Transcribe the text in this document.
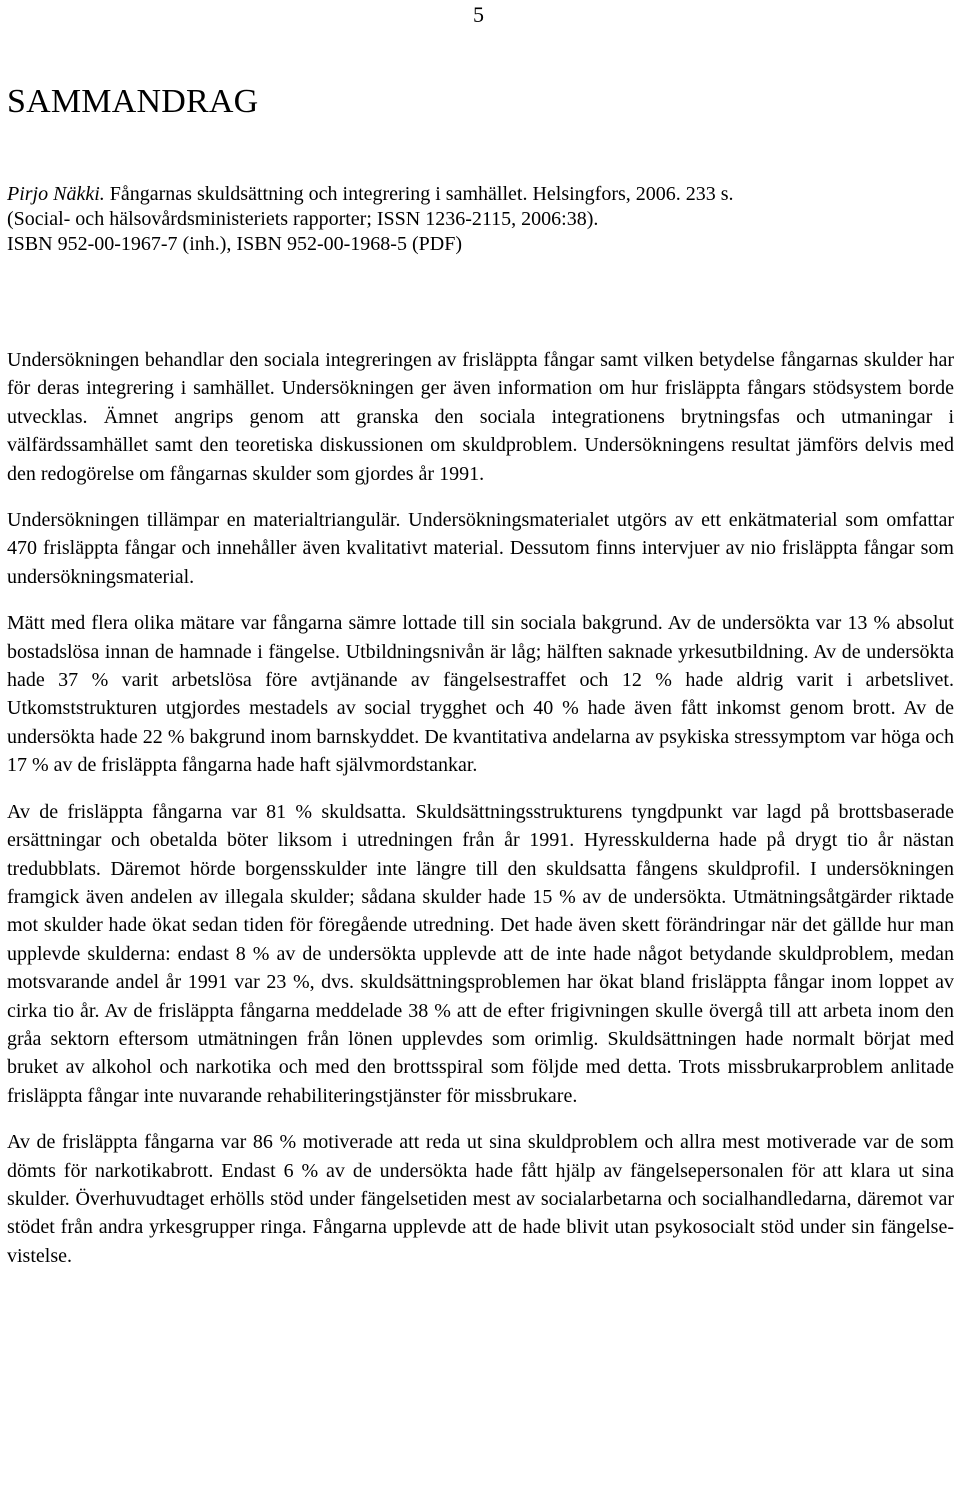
5
SAMMANDRAG
Pirjo Näkki. Fångarnas skuldsättning och integrering i samhället. Helsingfors, 2006. 233 s.
(Social- och hälsovårdsministeriets rapporter; ISSN 1236-2115, 2006:38).
ISBN 952-00-1967-7 (inh.), ISBN 952-00-1968-5 (PDF)

Undersökningen behandlar den sociala integreringen av frisläppta fångar samt vilken betydelse fångarnas skulder har för deras integrering i samhället. Undersökningen ger även information om hur frisläppta fångars stödsystem borde utvecklas. Ämnet angrips genom att granska den sociala integrationens brytningsfas och utmaningar i välfärdssamhället samt den teoretiska diskussionen om skuldproblem. Undersökningens resultat jämförs delvis med den redogörelse om fångarnas skulder som gjordes år 1991.

Undersökningen tillämpar en materialtriangulär. Undersökningsmaterialet utgörs av ett enkätmaterial som omfattar 470 frisläppta fångar och innehåller även kvalitativt material. Dessutom finns intervjuer av nio frisläppta fångar som undersökningsmaterial.

Mätt med flera olika mätare var fångarna sämre lottade till sin sociala bakgrund. Av de undersökta var 13 % absolut bostadslösa innan de hamnade i fängelse. Utbildningsnivån är låg; hälften saknade yrkesutbildning. Av de undersökta hade 37 % varit arbetslösa före avtjänande av fängelsestraffet och 12 % hade aldrig varit i arbetslivet. Utkomststrukturen utgjordes mestadels av social trygghet och 40 % hade även fått inkomst genom brott. Av de undersökta hade 22 % bakgrund inom barnskyddet. De kvantitativa andelarna av psykiska stressymptom var höga och 17 % av de frisläppta fångarna hade haft självmordstankar.

Av de frisläppta fångarna var 81 % skuldsatta. Skuldsättningsstrukturens tyngdpunkt var lagd på brottsbaserade ersättningar och obetalda böter liksom i utredningen från år 1991. Hyresskulderna hade på drygt tio år nästan tredubblats. Däremot hörde borgensskulder inte längre till den skuldsatta fångens skuldprofil. I undersökningen framgick även andelen av illegala skulder; sådana skulder hade 15 % av de undersökta. Utmätningsåtgärder riktade mot skulder hade ökat sedan tiden för föregående utredning. Det hade även skett förändringar när det gällde hur man upplevde skulderna: endast 8 % av de undersökta upplevde att de inte hade något betydande skuldproblem, medan motsvarande andel år 1991 var 23 %, dvs. skuldsättningsproblemen har ökat bland frisläppta fångar inom loppet av cirka tio år. Av de frisläppta fångarna meddelade 38 % att de efter frigivningen skulle övergå till att arbeta inom den gråa sektorn eftersom utmätningen från lönen upplevdes som orimlig. Skuldsättningen hade normalt börjat med bruket av alkohol och narkotika och med den brottsspiral som följde med detta. Trots missbrukarproblem anlitade frisläppta fångar inte nuvarande rehabiliteringstjänster för missbrukare.

Av de frisläppta fångarna var 86 % motiverade att reda ut sina skuldproblem och allra mest motiverade var de som dömts för narkotikabrott. Endast 6 % av de undersökta hade fått hjälp av fängelsepersonalen för att klara ut sina skulder. Överhuvudtaget erhölls stöd under fängelsetiden mest av socialarbetarna och socialhandledarna, däremot var stödet från andra yrkesgrupper ringa. Fångarna upplevde att de hade blivit utan psykosocialt stöd under sin fängelsevistelse.
